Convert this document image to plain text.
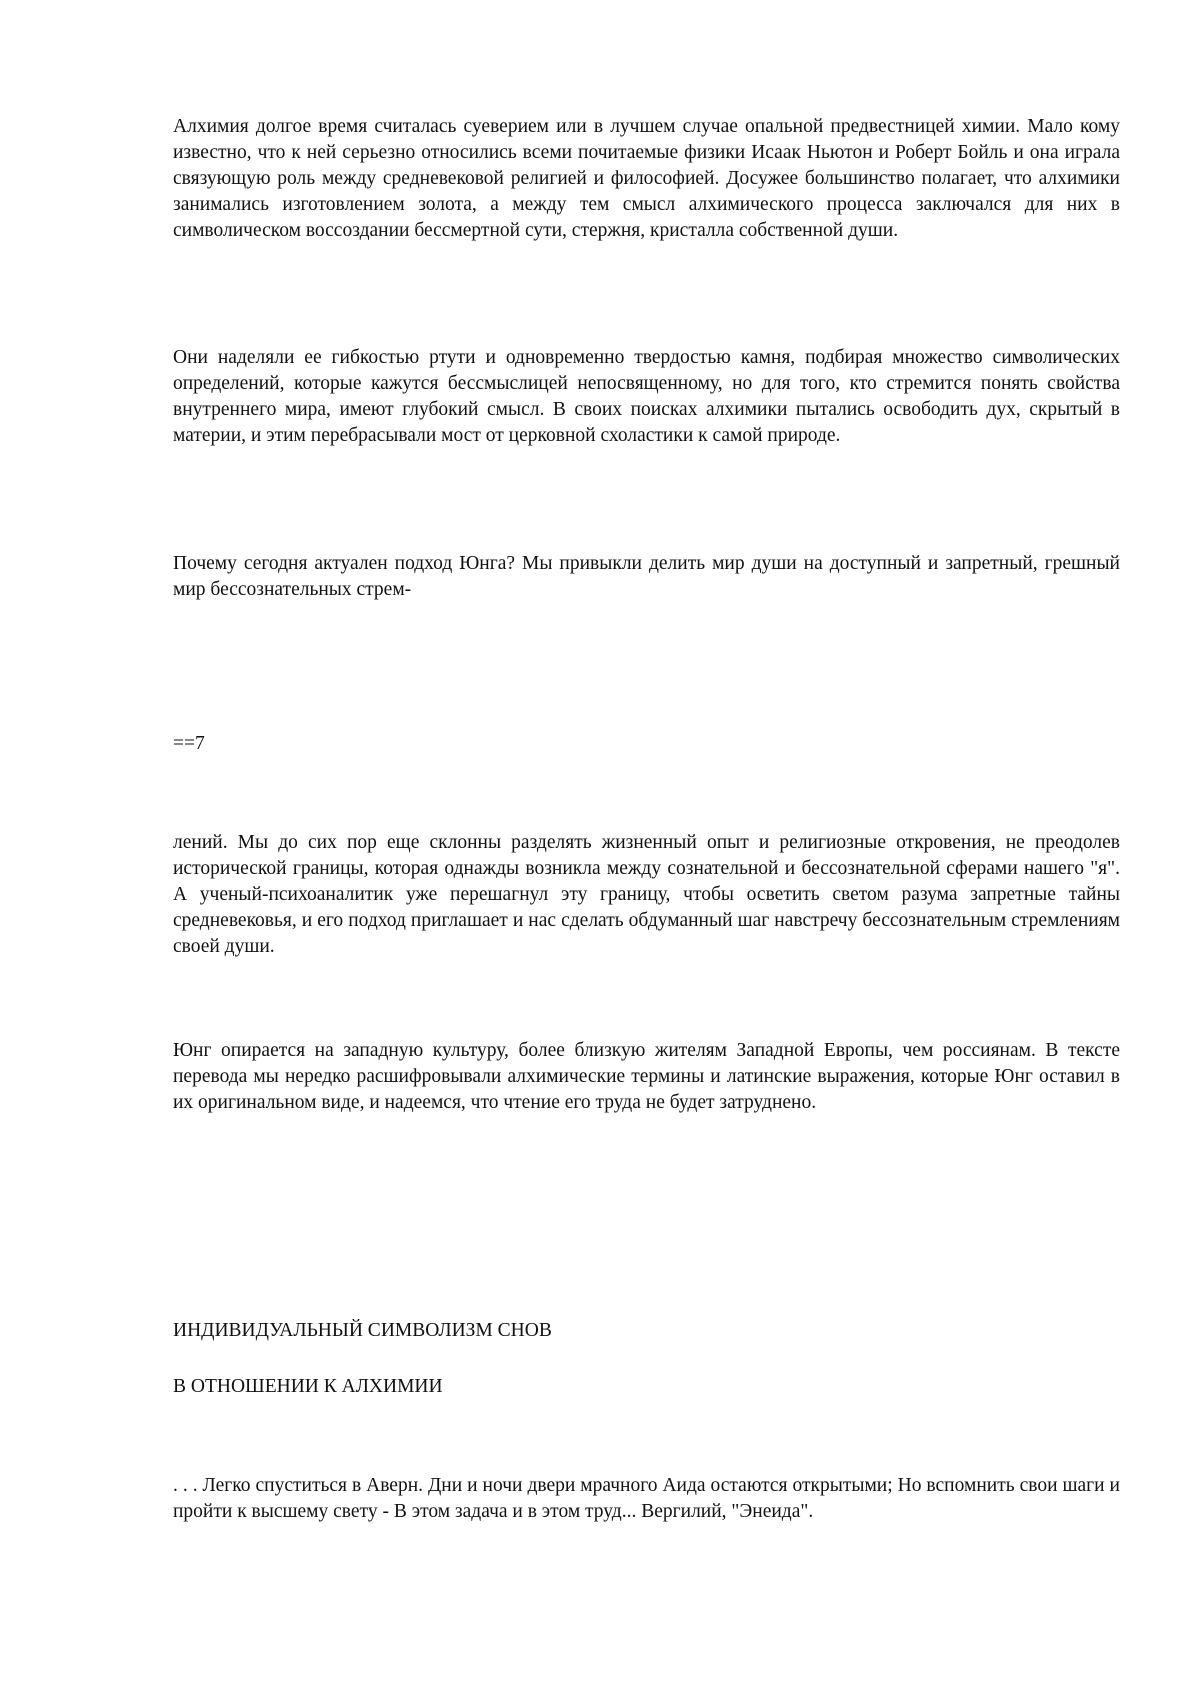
Алхимия долгое время считалась суеверием или в лучшем случае опальной предвестницей химии. Мало кому известно, что к ней серьезно относились всеми почитаемые физики Исаак Ньютон и Роберт Бойль и она играла связующую роль между средневековой религией и философией. Досужее большинство полагает, что алхимики занимались изготовлением золота, а между тем смысл алхимического процесса заключался для них в символическом воссоздании бессмертной сути, стержня, кристалла собственной души.

Они наделяли ее гибкостью ртути и одновременно твердостью камня, подбирая множество символических определений, которые кажутся бессмыслицей непосвященному, но для того, кто стремится понять свойства внутреннего мира, имеют глубокий смысл. В своих поисках алхимики пытались освободить дух, скрытый в материи, и этим перебрасывали мост от церковной схоластики к самой природе.

Почему сегодня актуален подход Юнга? Мы привыкли делить мир души на доступный и запретный, грешный мир бессознательных стрем-

==7

лений. Мы до сих пор еще склонны разделять жизненный опыт и религиозные откровения, не преодолев исторической границы, которая однажды возникла между сознательной и бессознательной сферами нашего "я". А ученый-психоаналитик уже перешагнул эту границу, чтобы осветить светом разума запретные тайны средневековья, и его подход приглашает и нас сделать обдуманный шаг навстречу бессознательным стремлениям своей души.

Юнг опирается на западную культуру, более близкую жителям Западной Европы, чем россиянам. В тексте перевода мы нередко расшифровывали алхимические термины и латинские выражения, которые Юнг оставил в их оригинальном виде, и надеемся, что чтение его труда не будет затруднено.

ИНДИВИДУАЛЬНЫЙ СИМВОЛИЗМ СНОВ

В ОТНОШЕНИИ К АЛХИМИИ

. . . Легко спуститься в Аверн. Дни и ночи двери мрачного Аида остаются открытыми; Но вспомнить свои шаги и пройти к высшему свету - В этом задача и в этом труд... Вергилий, "Энеида".
